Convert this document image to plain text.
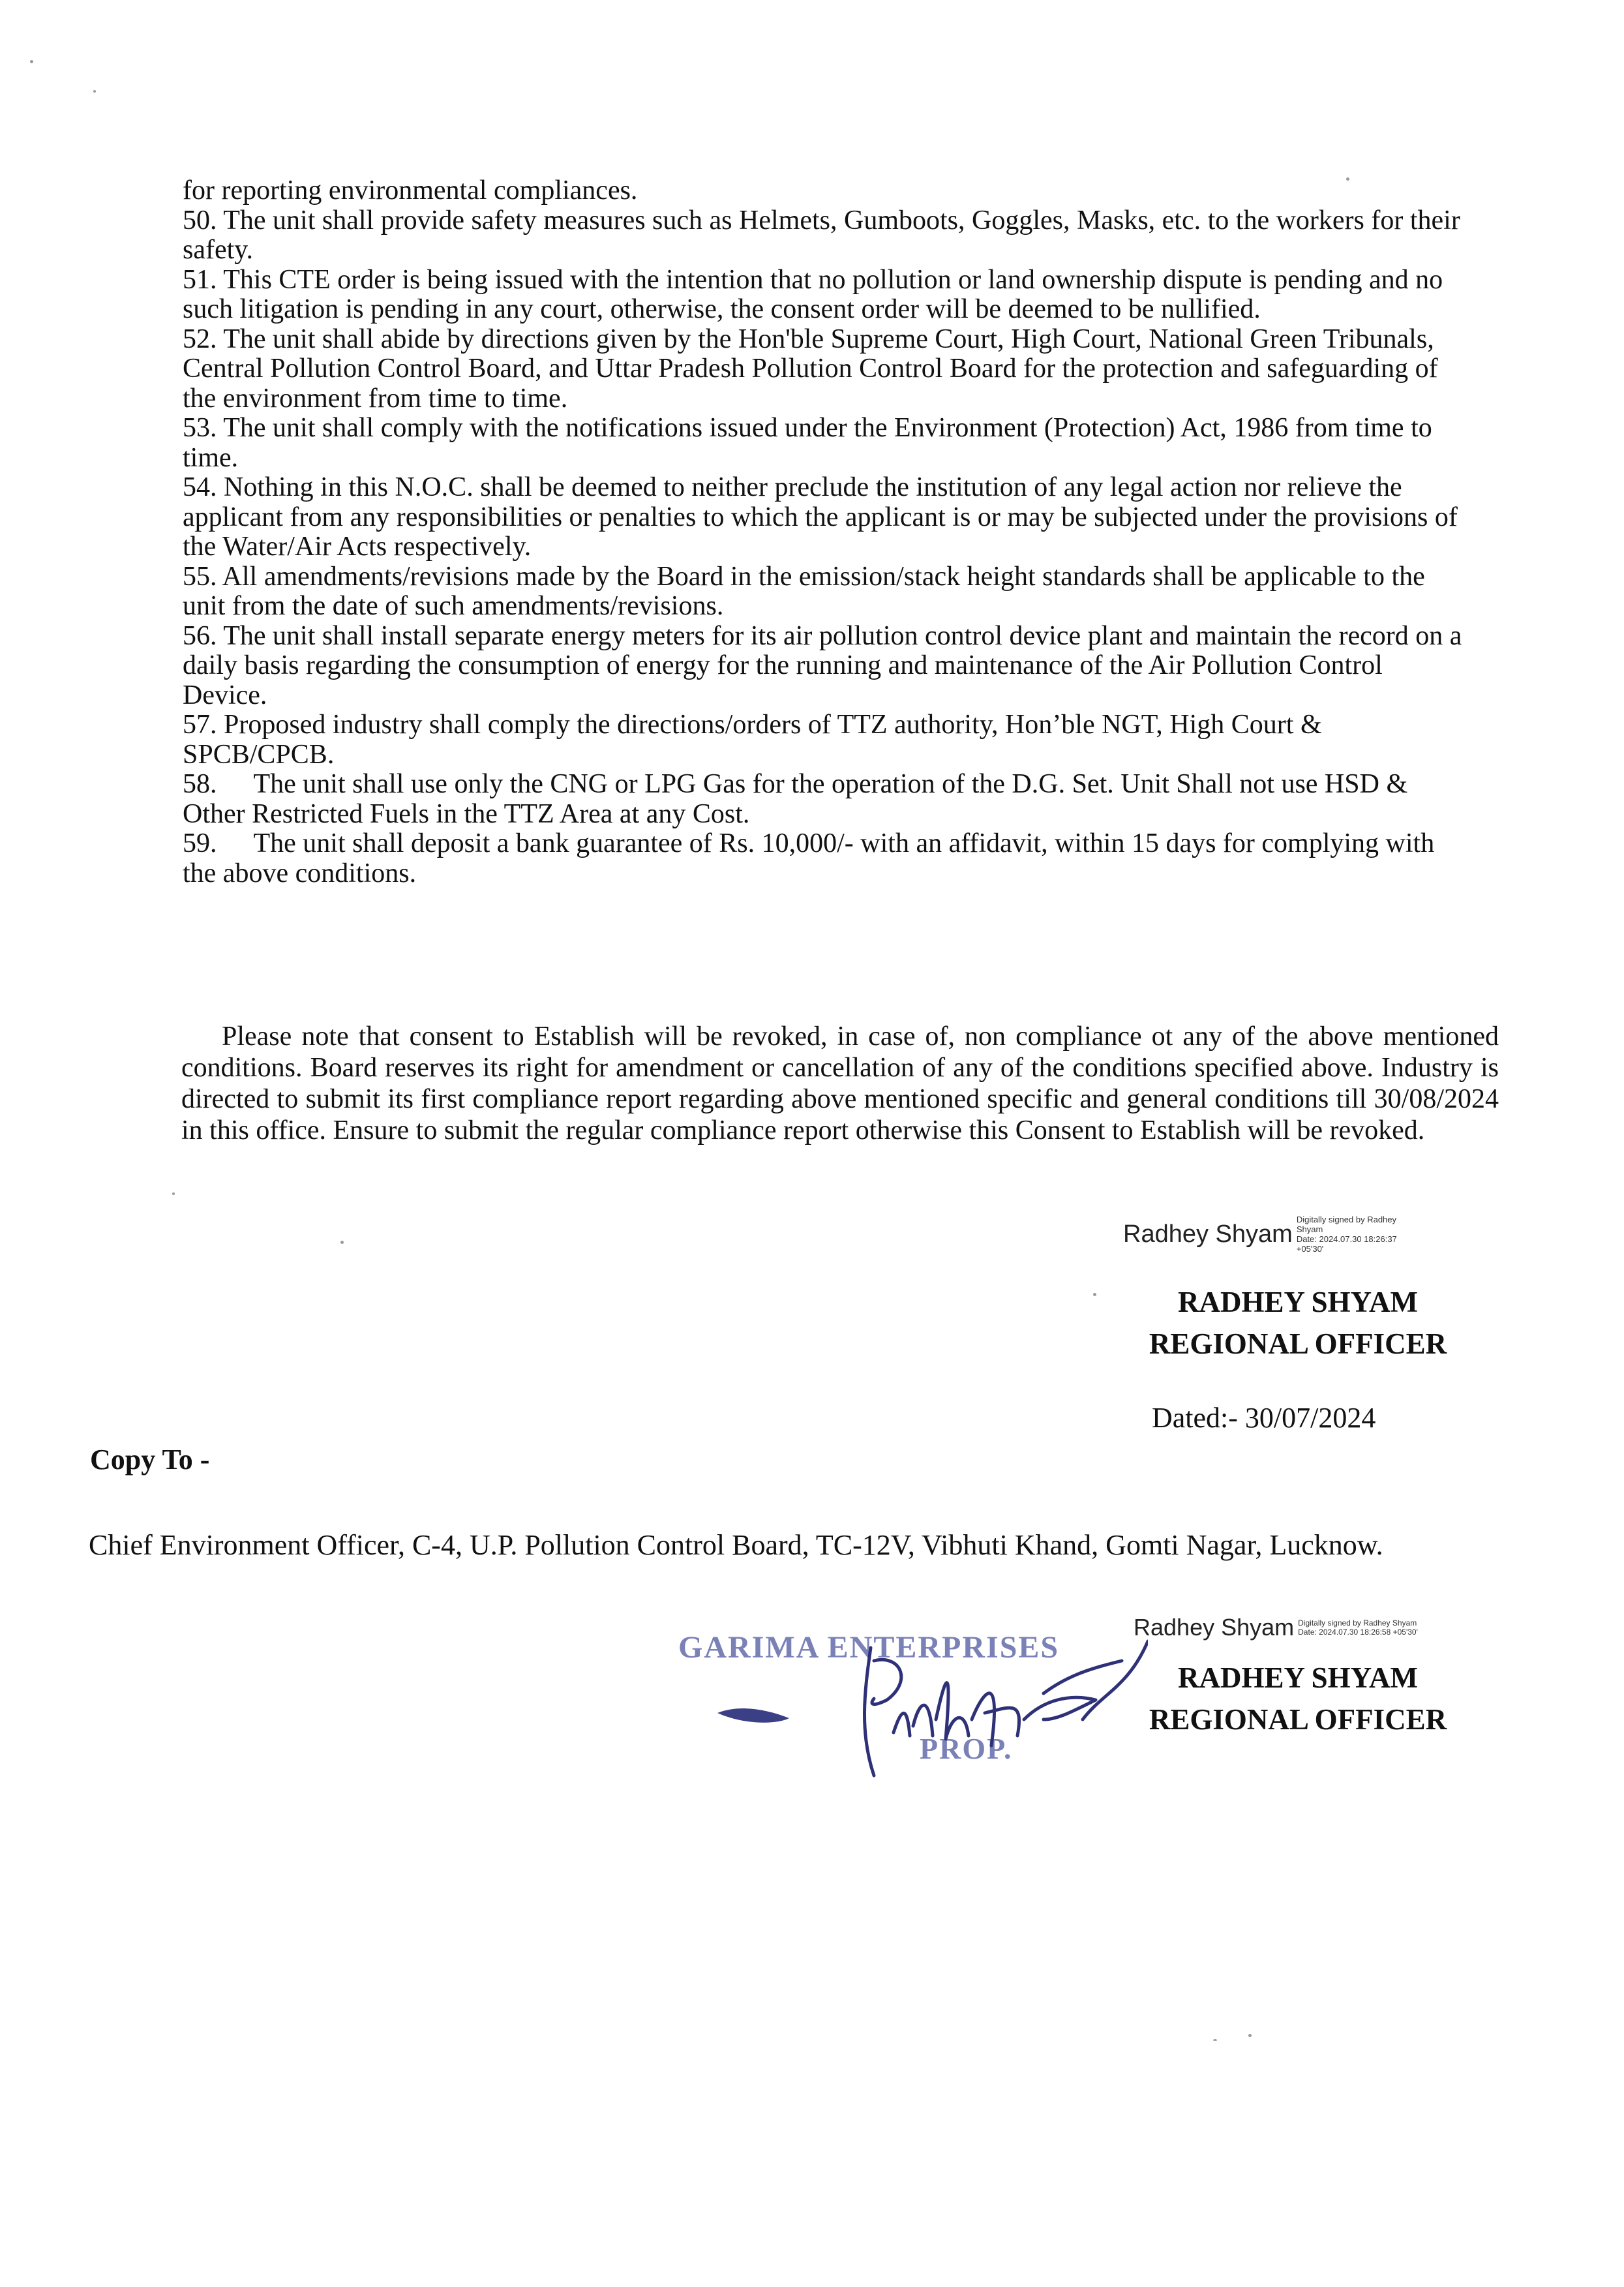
for reporting environmental compliances.

50. The unit shall provide safety measures such as Helmets, Gumboots, Goggles, Masks, etc. to the workers for their safety.

51. This CTE order is being issued with the intention that no pollution or land ownership dispute is pending and no such litigation is pending in any court, otherwise, the consent order will be deemed to be nullified.

52. The unit shall abide by directions given by the Hon'ble Supreme Court, High Court, National Green Tribunals, Central Pollution Control Board, and Uttar Pradesh Pollution Control Board for the protection and safeguarding of the environment from time to time.

53. The unit shall comply with the notifications issued under the Environment (Protection) Act, 1986 from time to time.

54. Nothing in this N.O.C. shall be deemed to neither preclude the institution of any legal action nor relieve the applicant from any responsibilities or penalties to which the applicant is or may be subjected under the provisions of the Water/Air Acts respectively.

55. All amendments/revisions made by the Board in the emission/stack height standards shall be applicable to the unit from the date of such amendments/revisions.

56. The unit shall install separate energy meters for its air pollution control device plant and maintain the record on a daily basis regarding the consumption of energy for the running and maintenance of the Air Pollution Control Device.

57. Proposed industry shall comply the directions/orders of TTZ authority, Hon’ble NGT, High Court & SPCB/CPCB.

58. The unit shall use only the CNG or LPG Gas for the operation of the D.G. Set. Unit Shall not use HSD & Other Restricted Fuels in the TTZ Area at any Cost.

59. The unit shall deposit a bank guarantee of Rs. 10,000/- with an affidavit, within 15 days for complying with the above conditions.

Please note that consent to Establish will be revoked, in case of, non compliance ot any of the above mentioned conditions. Board reserves its right for amendment or cancellation of any of the conditions specified above. Industry is directed to submit its first compliance report regarding above mentioned specific and general conditions till 30/08/2024 in this office. Ensure to submit the regular compliance report otherwise this Consent to Establish will be revoked.

Radhey Shyam
Digitally signed by Radhey
Shyam
Date: 2024.07.30 18:26:37
+05'30'
RADHEY SHYAM
REGIONAL OFFICER
Dated:- 30/07/2024
Copy To -
Chief Environment Officer, C-4, U.P. Pollution Control Board, TC-12V, Vibhuti Khand, Gomti Nagar, Lucknow.
GARIMA ENTERPRISES
PROP.
Radhey Shyam Digitally signed by Radhey Shyam
Date: 2024.07.30 18:26:58 +05'30'
RADHEY SHYAM
REGIONAL OFFICER
